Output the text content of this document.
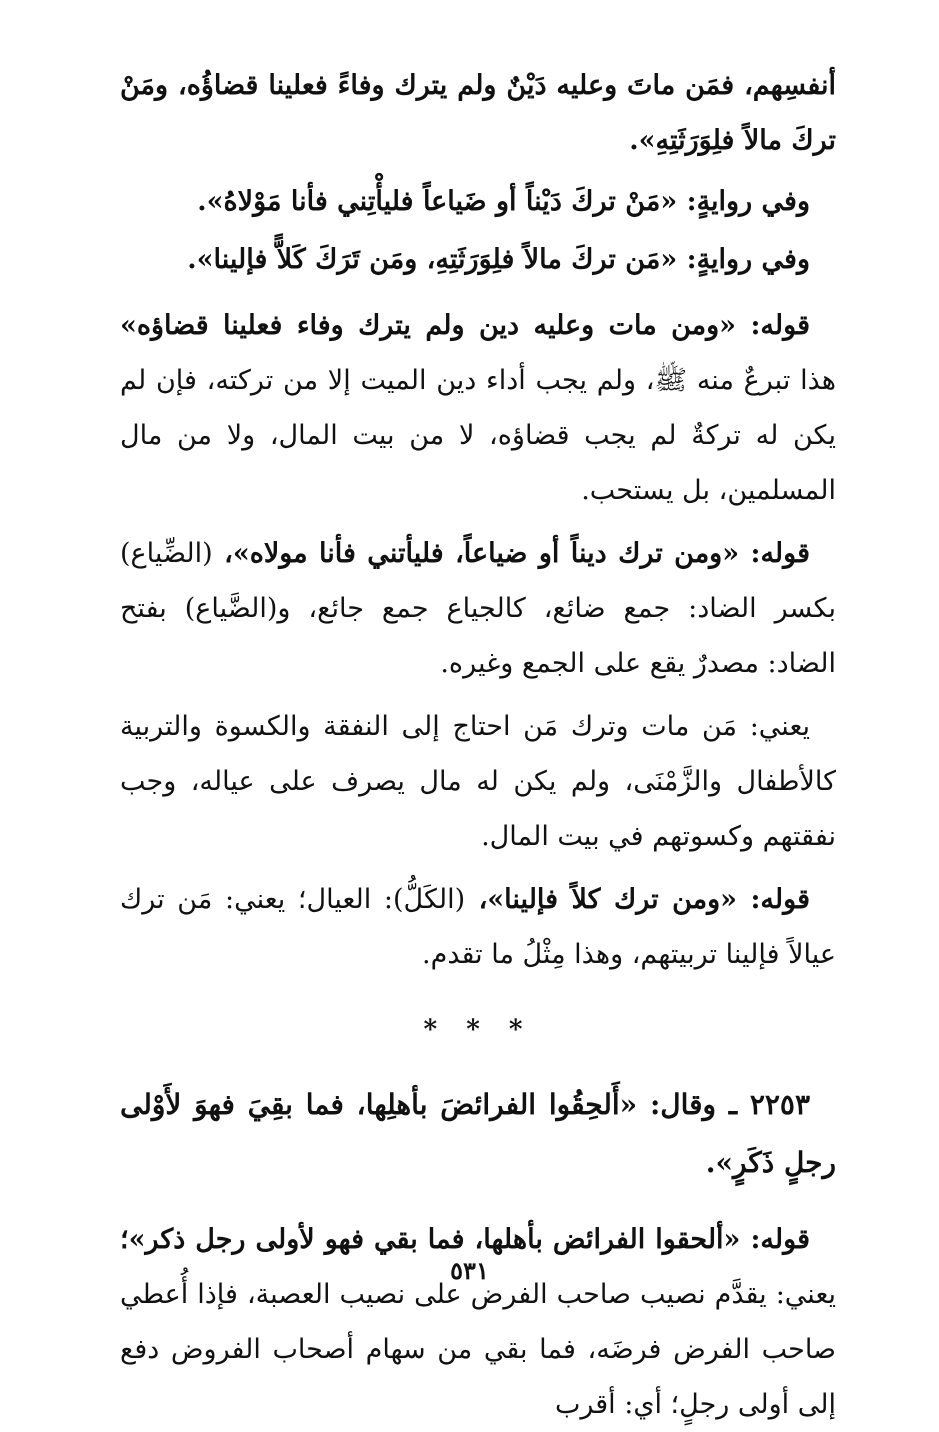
أنفسِهم، فمَن ماتَ وعليه دَيْنٌ ولم يترك وفاءً فعلينا قضاؤُه، ومَنْ تركَ مالاً فلِوَرَثَتِهِ».

وفي روايةٍ: «مَنْ تركَ دَيْناً أو ضَياعاً فليأْتِني فأنا مَوْلاهُ».

وفي روايةٍ: «مَن تركَ مالاً فلِوَرَثَتِهِ، ومَن تَرَكَ كَلاًّ فإلينا».

قوله: «ومن مات وعليه دين ولم يترك وفاء فعلينا قضاؤه» هذا تبرعٌ منه ﷺ، ولم يجب أداء دين الميت إلا من تركته، فإن لم يكن له تركةٌ لم يجب قضاؤه، لا من بيت المال، ولا من مال المسلمين، بل يستحب.

قوله: «ومن ترك ديناً أو ضياعاً، فليأتني فأنا مولاه»، (الضِّياع) بكسر الضاد: جمع ضائع، كالجياع جمع جائع، و(الضَّياع) بفتح الضاد: مصدرٌ يقع على الجمع وغيره.

يعني: مَن مات وترك مَن احتاج إلى النفقة والكسوة والتربية كالأطفال والزَّمْنَى، ولم يكن له مال يصرف على عياله، وجب نفقتهم وكسوتهم في بيت المال.

قوله: «ومن ترك كلاً فإلينا»، (الكَلُّ): العيال؛ يعني: مَن ترك عيالاً فإلينا تربيتهم، وهذا مِثْلُ ما تقدم.

* * *

٢٢٥٣ ـ وقال: «أَلحِقُوا الفرائضَ بأهلِها، فما بقِيَ فهوَ لأَوْلى رجلٍ ذَكَرٍ».

قوله: «ألحقوا الفرائض بأهلها، فما بقي فهو لأولى رجل ذكر»؛ يعني: يقدَّم نصيب صاحب الفرض على نصيب العصبة، فإذا أُعطي صاحب الفرض فرضَه، فما بقي من سهام أصحاب الفروض دفع إلى أولى رجلٍ؛ أي: أقرب

٥٣١
